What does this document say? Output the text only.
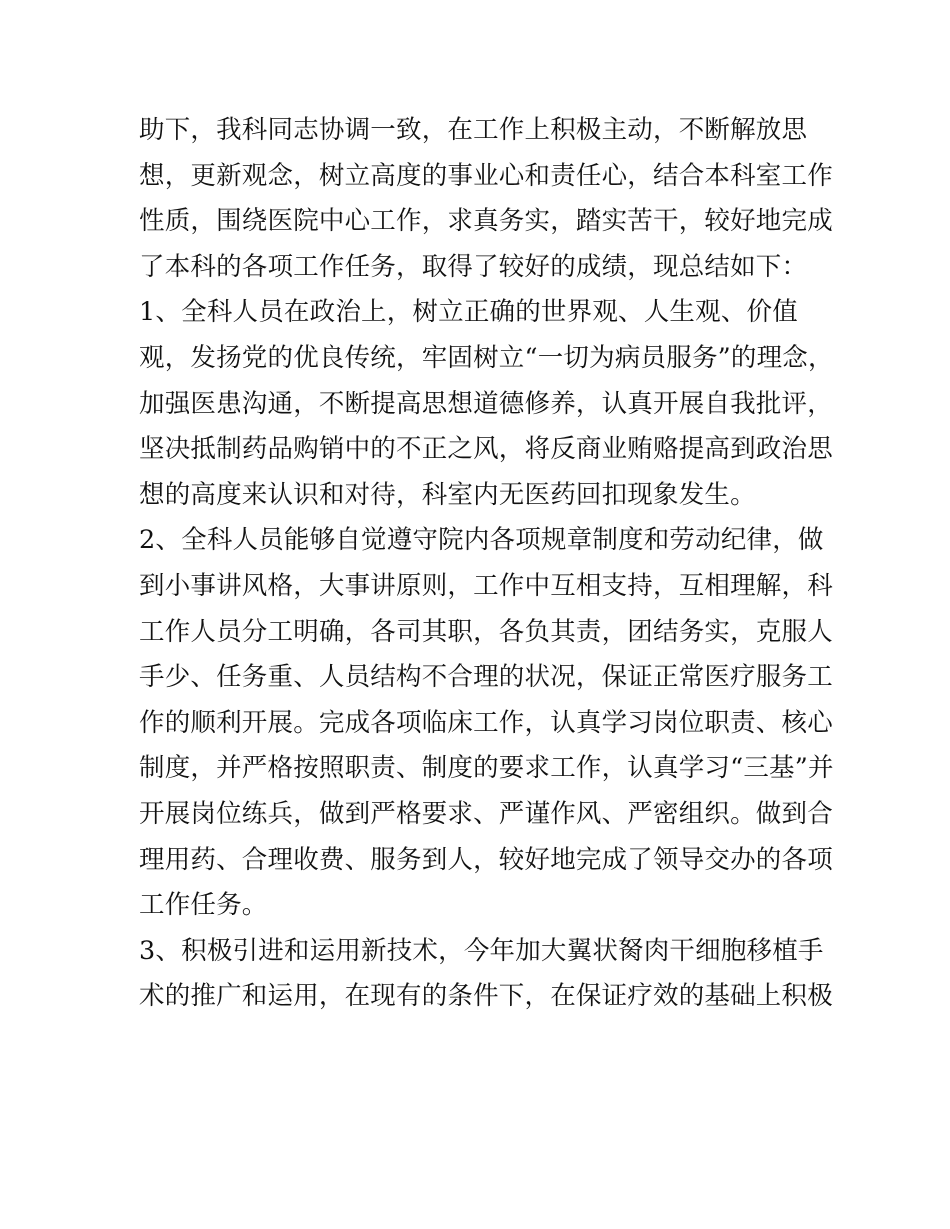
助下，我科同志协调一致，在工作上积极主动，不断解放思
想，更新观念，树立高度的事业心和责任心，结合本科室工作
性质，围绕医院中心工作，求真务实，踏实苦干，较好地完成
了本科的各项工作任务，取得了较好的成绩，现总结如下：
1、全科人员在政治上，树立正确的世界观、人生观、价值
观，发扬党的优良传统，牢固树立“一切为病员服务”的理念，
加强医患沟通，不断提高思想道德修养，认真开展自我批评，
坚决抵制药品购销中的不正之风，将反商业贿赂提高到政治思
想的高度来认识和对待，科室内无医药回扣现象发生。
2、全科人员能够自觉遵守院内各项规章制度和劳动纪律，做
到小事讲风格，大事讲原则，工作中互相支持，互相理解，科
工作人员分工明确，各司其职，各负其责，团结务实，克服人
手少、任务重、人员结构不合理的状况，保证正常医疗服务工
作的顺利开展。完成各项临床工作，认真学习岗位职责、核心
制度，并严格按照职责、制度的要求工作，认真学习“三基”并
开展岗位练兵，做到严格要求、严谨作风、严密组织。做到合
理用药、合理收费、服务到人，较好地完成了领导交办的各项
工作任务。
3、积极引进和运用新技术，今年加大翼状胬肉干细胞移植手
术的推广和运用，在现有的条件下，在保证疗效的基础上积极
